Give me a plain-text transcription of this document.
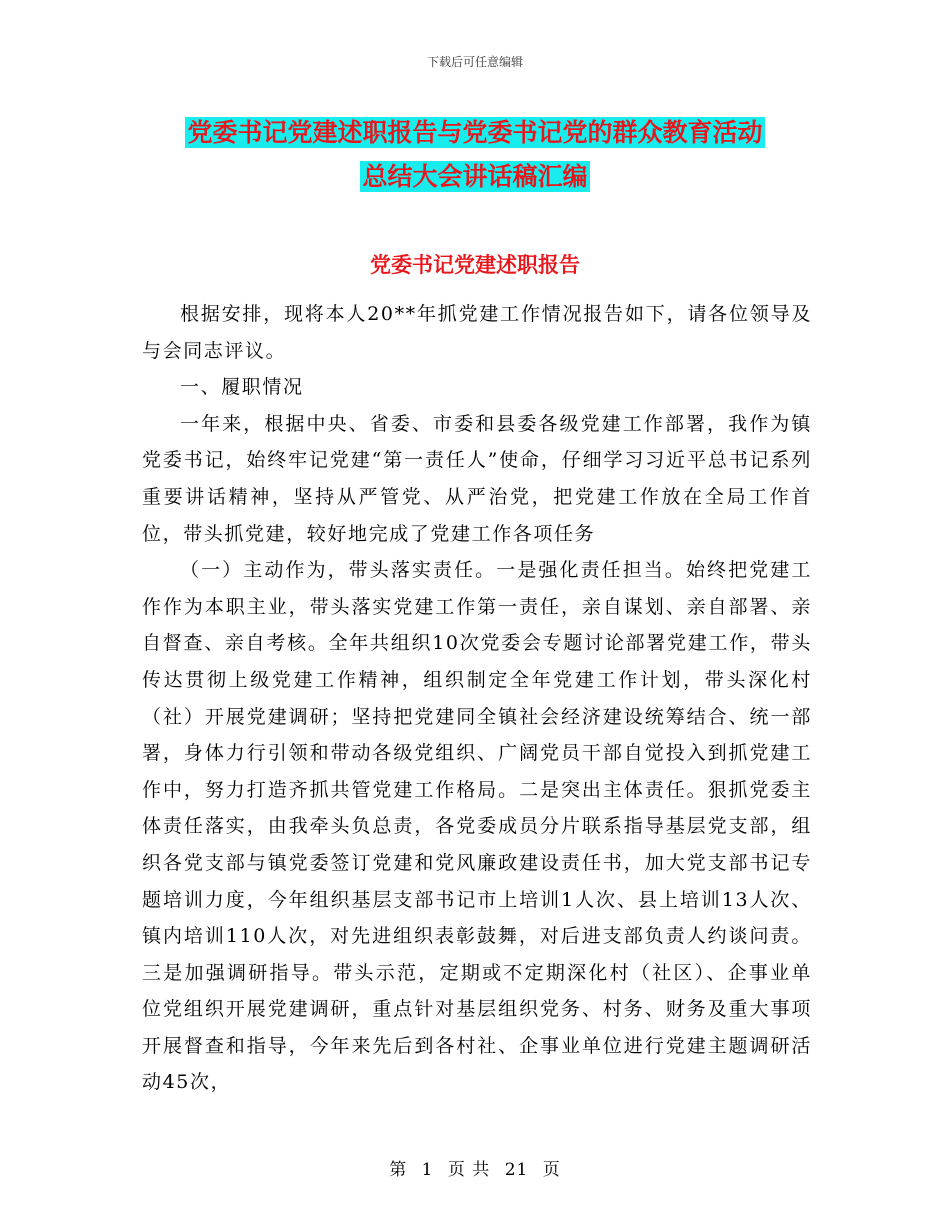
下载后可任意编辑
党委书记党建述职报告与党委书记党的群众教育活动
总结大会讲话稿汇编
党委书记党建述职报告

根据安排，现将本人20**年抓党建工作情况报告如下，请各位领导及与会同志评议。

一、履职情况

一年来，根据中央、省委、市委和县委各级党建工作部署，我作为镇党委书记，始终牢记党建“第一责任人”使命，仔细学习习近平总书记系列重要讲话精神，坚持从严管党、从严治党，把党建工作放在全局工作首位，带头抓党建，较好地完成了党建工作各项任务

（一）主动作为，带头落实责任。一是强化责任担当。始终把党建工作作为本职主业，带头落实党建工作第一责任，亲自谋划、亲自部署、亲自督查、亲自考核。全年共组织10次党委会专题讨论部署党建工作，带头传达贯彻上级党建工作精神，组织制定全年党建工作计划，带头深化村（社）开展党建调研；坚持把党建同全镇社会经济建设统筹结合、统一部署，身体力行引领和带动各级党组织、广阔党员干部自觉投入到抓党建工作中，努力打造齐抓共管党建工作格局。二是突出主体责任。狠抓党委主体责任落实，由我牵头负总责，各党委成员分片联系指导基层党支部，组织各党支部与镇党委签订党建和党风廉政建设责任书，加大党支部书记专题培训力度，今年组织基层支部书记市上培训1人次、县上培训13人次、镇内培训110人次，对先进组织表彰鼓舞，对后进支部负责人约谈问责。三是加强调研指导。带头示范，定期或不定期深化村（社区）、企事业单位党组织开展党建调研，重点针对基层组织党务、村务、财务及重大事项开展督查和指导，今年来先后到各村社、企事业单位进行党建主题调研活动45次，

第 1 页 共 21 页
